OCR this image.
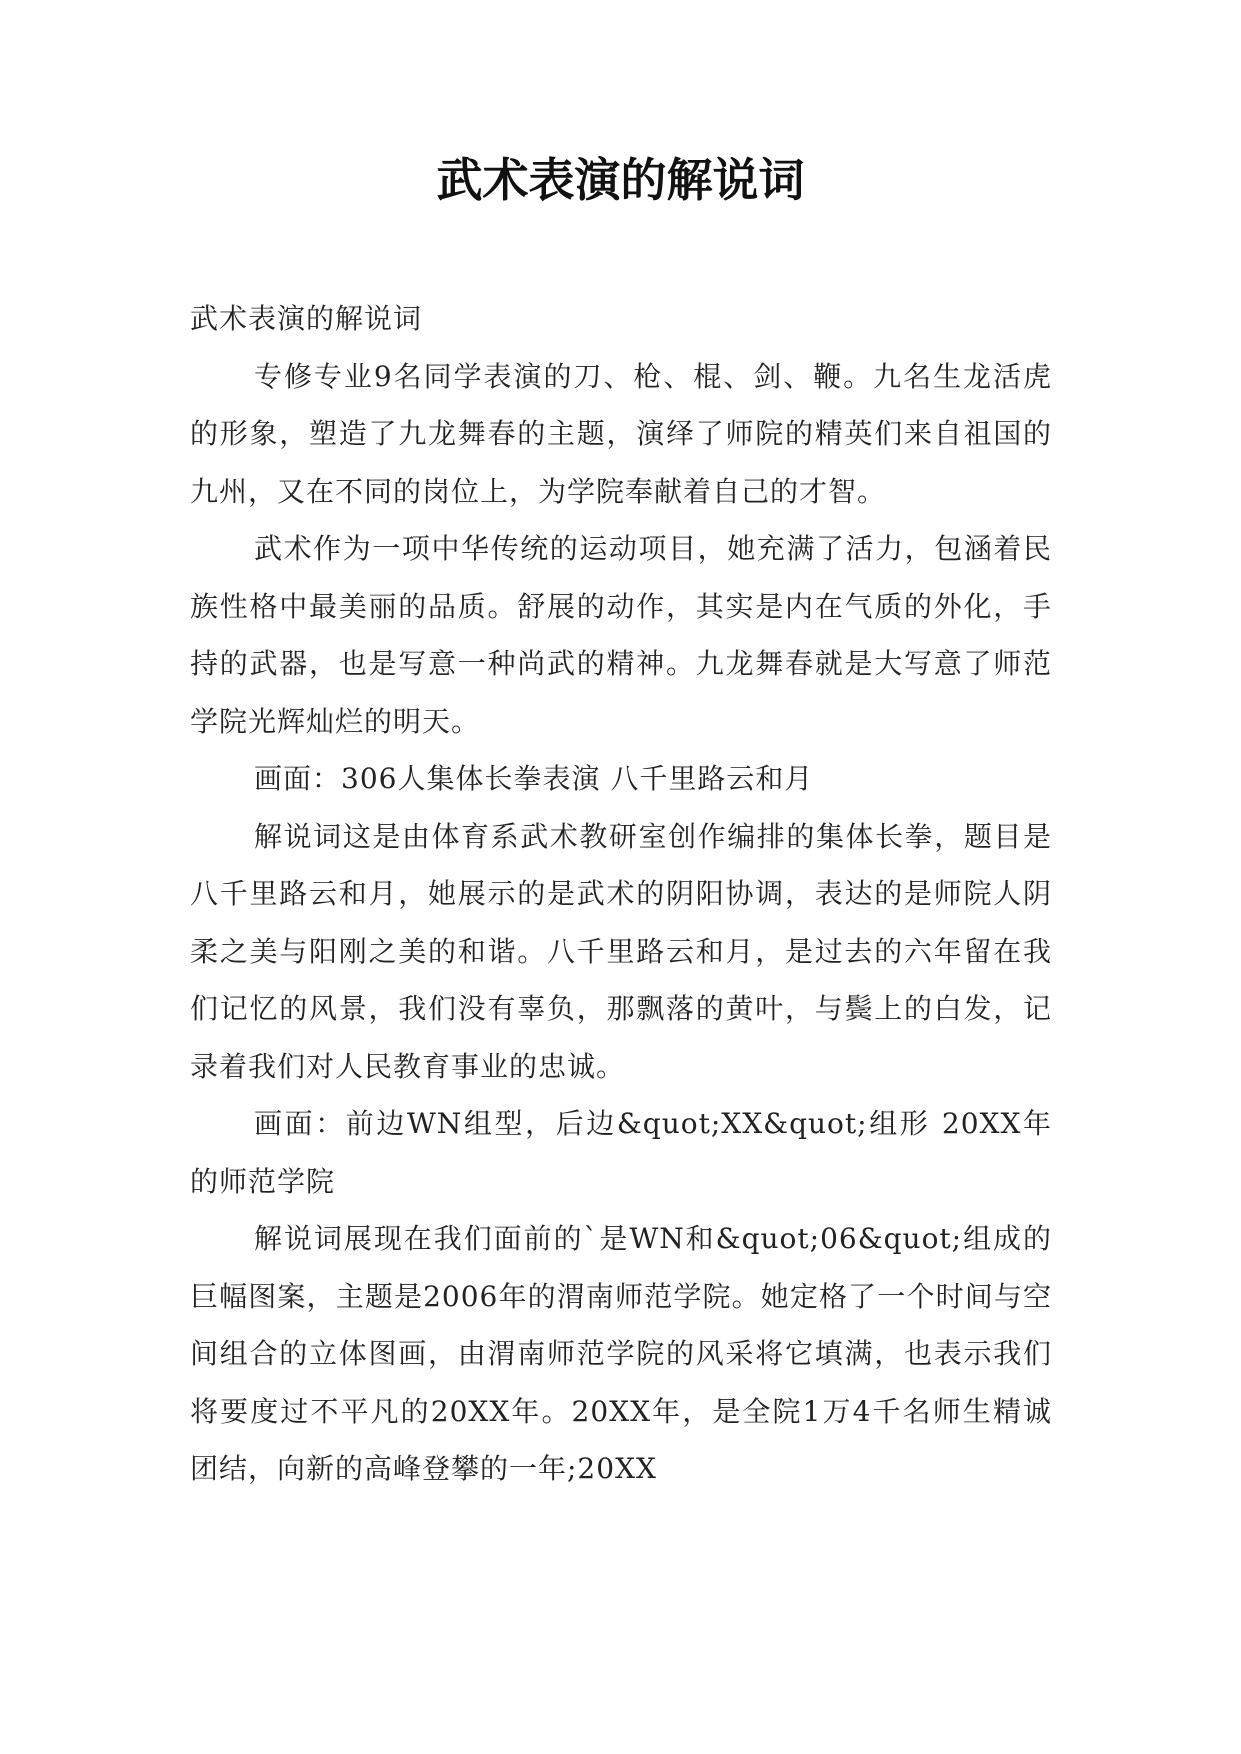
武术表演的解说词

武术表演的解说词

专修专业9名同学表演的刀、枪、棍、剑、鞭。九名生龙活虎的形象，塑造了九龙舞春的主题，演绎了师院的精英们来自祖国的九州，又在不同的岗位上，为学院奉献着自己的才智。

武术作为一项中华传统的运动项目，她充满了活力，包涵着民族性格中最美丽的品质。舒展的动作，其实是内在气质的外化，手持的武器，也是写意一种尚武的精神。九龙舞春就是大写意了师范学院光辉灿烂的明天。

画面：306人集体长拳表演 八千里路云和月

解说词这是由体育系武术教研室创作编排的集体长拳，题目是八千里路云和月，她展示的是武术的阴阳协调，表达的是师院人阴柔之美与阳刚之美的和谐。八千里路云和月，是过去的六年留在我们记忆的风景，我们没有辜负，那飘落的黄叶，与鬓上的白发，记录着我们对人民教育事业的忠诚。

画面：前边WN组型，后边&quot;XX&quot;组形 20XX年的师范学院

解说词展现在我们面前的`是WN和&quot;06&quot;组成的巨幅图案，主题是2006年的渭南师范学院。她定格了一个时间与空间组合的立体图画，由渭南师范学院的风采将它填满，也表示我们将要度过不平凡的20XX年。20XX年，是全院1万4千名师生精诚团结，向新的高峰登攀的一年;20XX
